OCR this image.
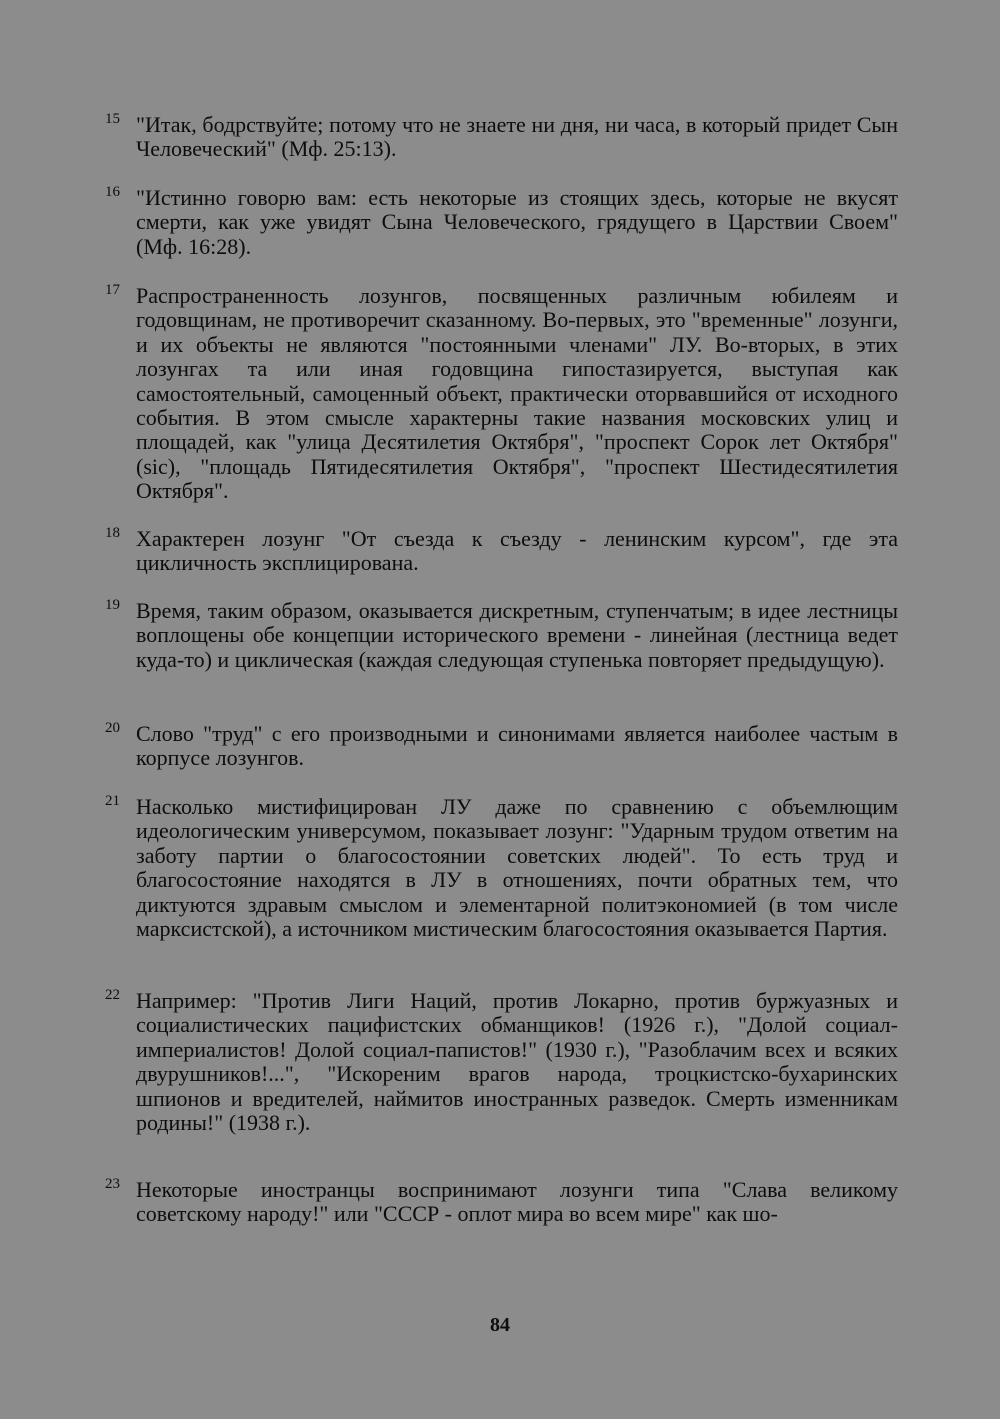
15 "Итак, бодрствуйте; потому что не знаете ни дня, ни часа, в который придет Сын Человеческий" (Мф. 25:13).
16 "Истинно говорю вам: есть некоторые из стоящих здесь, которые не вкусят смерти, как уже увидят Сына Человеческого, грядущего в Царствии Своем" (Мф. 16:28).
17 Распространенность лозунгов, посвященных различным юбилеям и годовщинам, не противоречит сказанному. Во-первых, это "временные" лозунги, и их объекты не являются "постоянными членами" ЛУ. Во-вторых, в этих лозунгах та или иная годовщина гипостазируется, выступая как самостоятельный, самоценный объект, практически оторвавшийся от исходного события. В этом смысле характерны такие названия московских улиц и площадей, как "улица Десятилетия Октября", "проспект Сорок лет Октября" (sic), "площадь Пятидесятилетия Октября", "проспект Шестидесятилетия Октября".
18 Характерен лозунг "От съезда к съезду - ленинским курсом", где эта цикличность эксплицирована.
19 Время, таким образом, оказывается дискретным, ступенчатым; в идее лестницы воплощены обе концепции исторического времени - линейная (лестница ведет куда-то) и циклическая (каждая следующая ступенька повторяет предыдущую).
20 Слово "труд" с его производными и синонимами является наиболее частым в корпусе лозунгов.
21 Насколько мистифицирован ЛУ даже по сравнению с объемлющим идеологическим универсумом, показывает лозунг: "Ударным трудом ответим на заботу партии о благосостоянии советских людей". То есть труд и благосостояние находятся в ЛУ в отношениях, почти обратных тем, что диктуются здравым смыслом и элементарной политэкономией (в том числе марксистской), а источником мистическим благосостояния оказывается Партия.
22 Например: "Против Лиги Наций, против Локарно, против буржуазных и социалистических пацифистских обманщиков! (1926 г.), "Долой социал-империалистов! Долой социал-папистов!" (1930 г.), "Разоблачим всех и всяких двурушников!...", "Искореним врагов народа, троцкистско-бухаринских шпионов и вредителей, наймитов иностранных разведок. Смерть изменникам родины!" (1938 г.).
23 Некоторые иностранцы воспринимают лозунги типа "Слава великому советскому народу!" или "СССР - оплот мира во всем мире" как шо-
84
